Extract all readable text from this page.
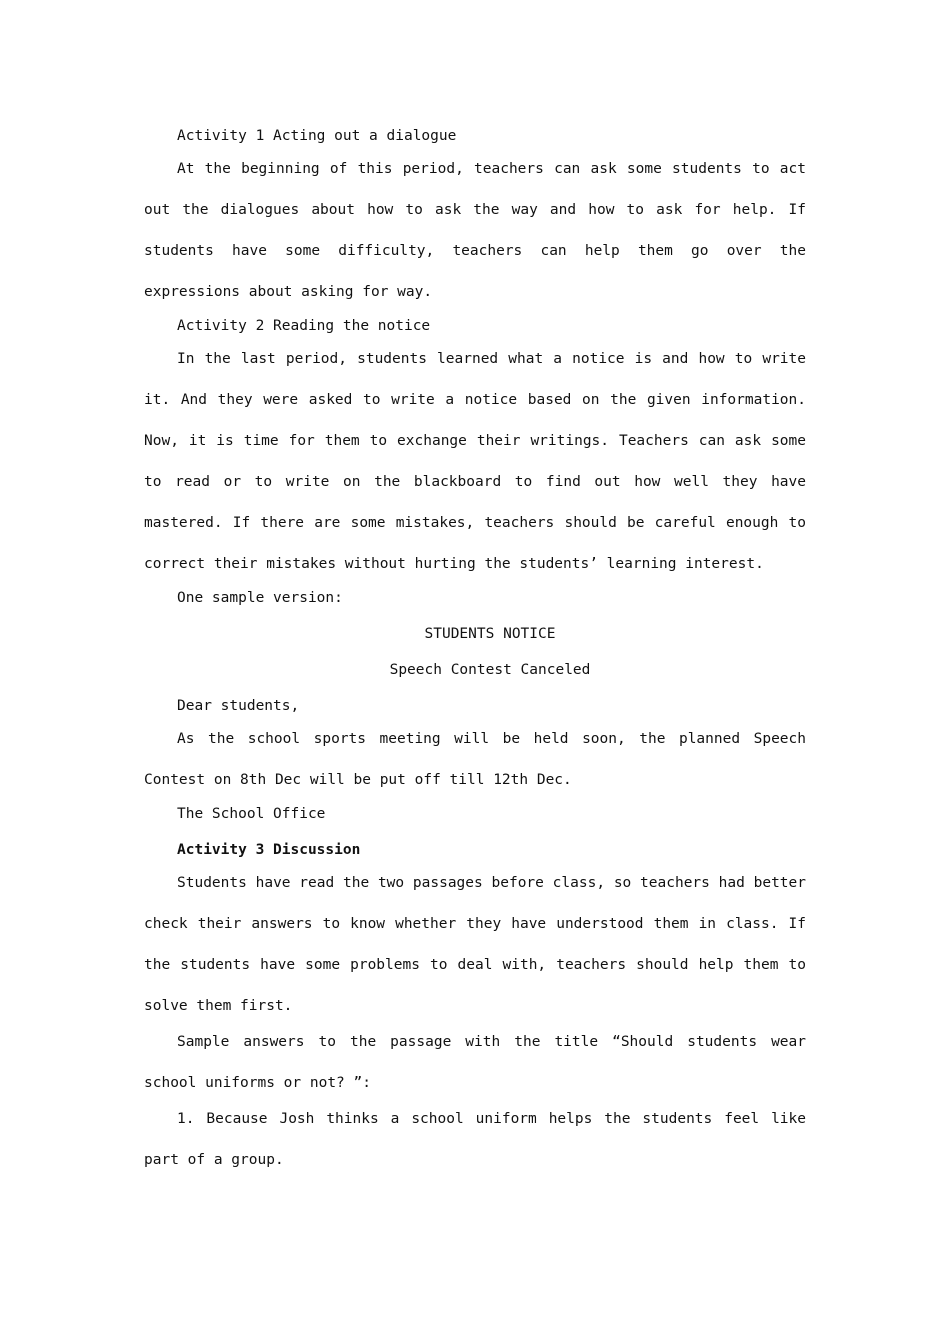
Activity 1 Acting out a dialogue

At the beginning of this period, teachers can ask some students to act out the dialogues about how to ask the way and how to ask for help. If students have some difficulty, teachers can help them go over the expressions about asking for way.

Activity 2 Reading the notice

In the last period, students learned what a notice is and how to write it. And they were asked to write a notice based on the given information. Now, it is time for them to exchange their writings. Teachers can ask some to read or to write on the blackboard to find out how well they have mastered. If there are some mistakes, teachers should be careful enough to correct their mistakes without hurting the students’ learning interest.

One sample version:

STUDENTS NOTICE

Speech Contest Canceled

Dear students,

As the school sports meeting will be held soon, the planned Speech Contest on 8th Dec will be put off till 12th Dec.

The School Office

Activity 3 Discussion

Students have read the two passages before class, so teachers had better check their answers to know whether they have understood them in class. If the students have some problems to deal with, teachers should help them to solve them first.

Sample answers to the passage with the title “Should students wear school uniforms or not? ”:

1. Because Josh thinks a school uniform helps the students feel like part of a group.
